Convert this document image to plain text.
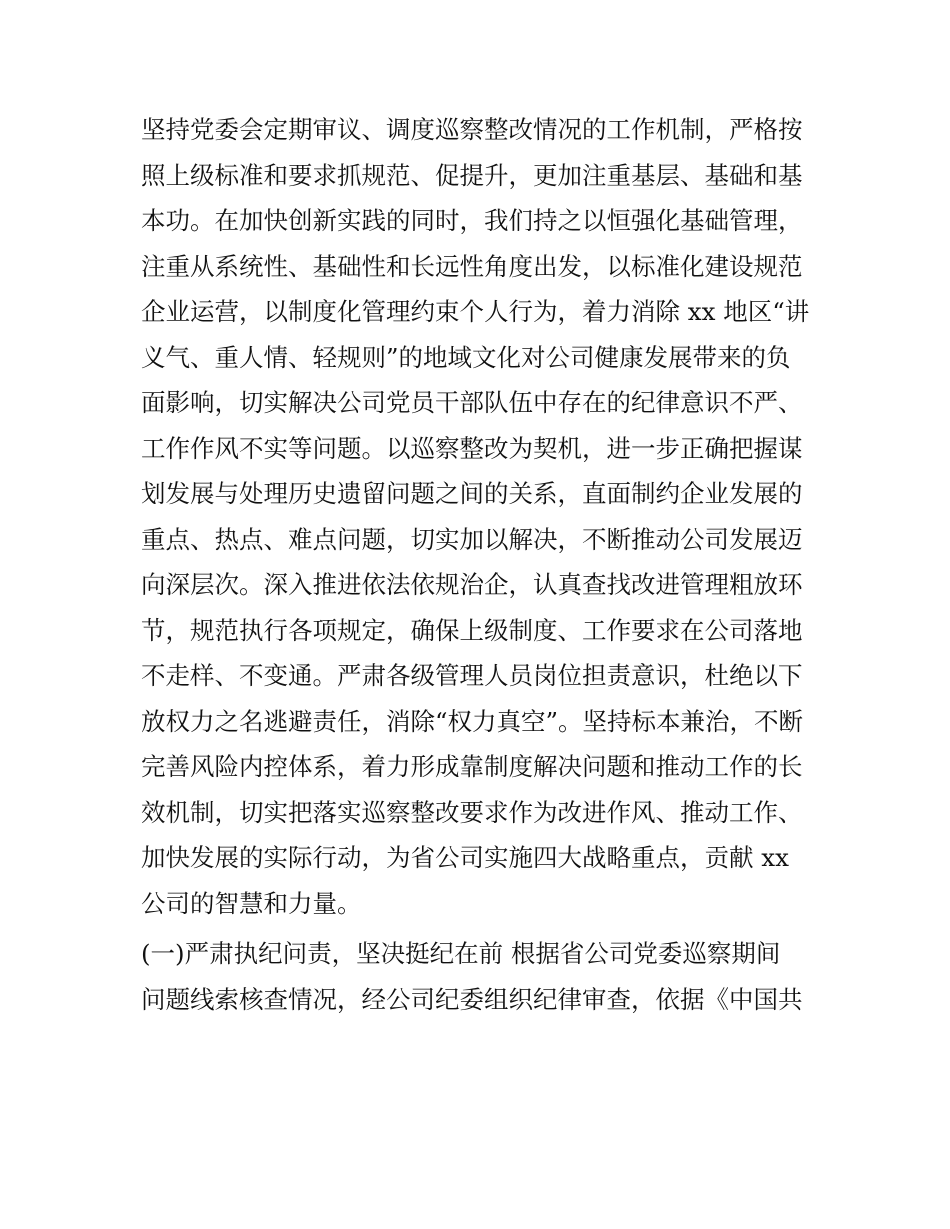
坚持党委会定期审议、调度巡察整改情况的工作机制，严格按
照上级标准和要求抓规范、促提升，更加注重基层、基础和基
本功。在加快创新实践的同时，我们持之以恒强化基础管理，
注重从系统性、基础性和长远性角度出发，以标准化建设规范
企业运营，以制度化管理约束个人行为，着力消除 xx 地区“讲
义气、重人情、轻规则”的地域文化对公司健康发展带来的负
面影响，切实解决公司党员干部队伍中存在的纪律意识不严、
工作作风不实等问题。以巡察整改为契机，进一步正确把握谋
划发展与处理历史遗留问题之间的关系，直面制约企业发展的
重点、热点、难点问题，切实加以解决，不断推动公司发展迈
向深层次。深入推进依法依规治企，认真查找改进管理粗放环
节，规范执行各项规定，确保上级制度、工作要求在公司落地
不走样、不变通。严肃各级管理人员岗位担责意识，杜绝以下
放权力之名逃避责任，消除“权力真空”。坚持标本兼治，不断
完善风险内控体系，着力形成靠制度解决问题和推动工作的长
效机制，切实把落实巡察整改要求作为改进作风、推动工作、
加快发展的实际行动，为省公司实施四大战略重点，贡献 xx
公司的智慧和力量。
(一)严肃执纪问责，坚决挺纪在前 根据省公司党委巡察期间
问题线索核查情况，经公司纪委组织纪律审查，依据《中国共
